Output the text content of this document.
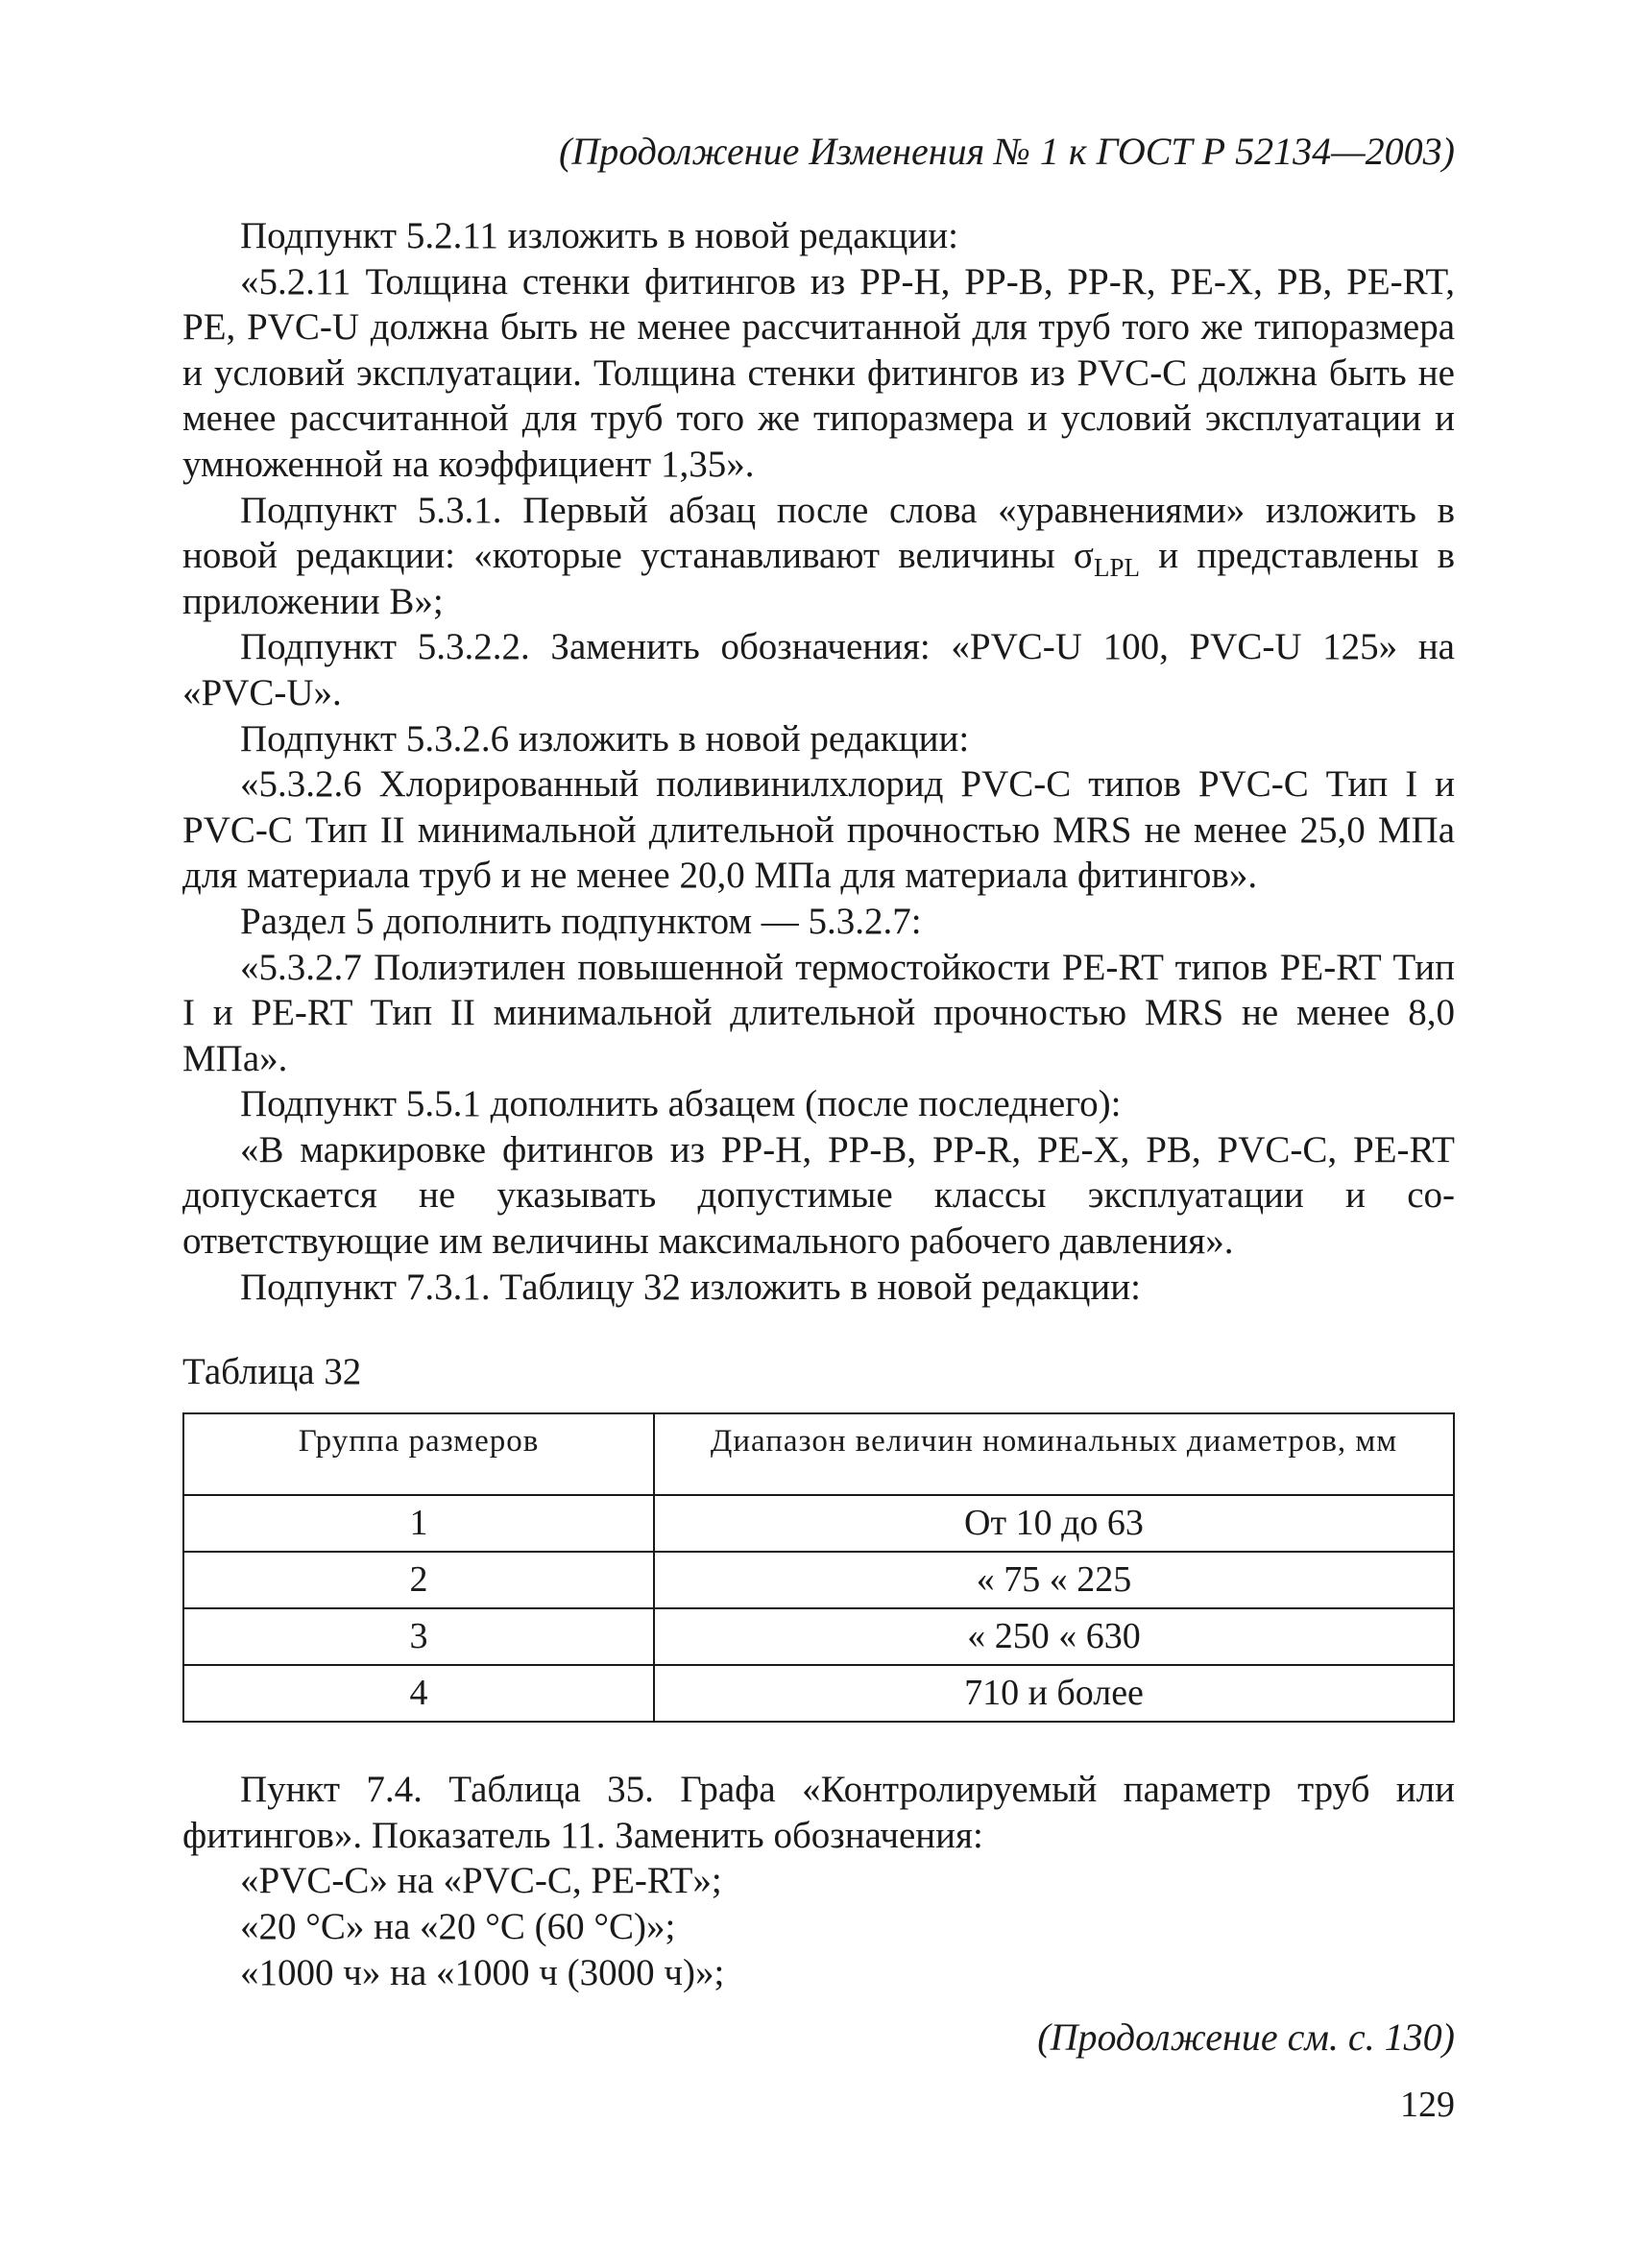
(Продолжение Изменения № 1 к ГОСТ Р 52134—2003)

Подпункт 5.2.11 изложить в новой редакции:

«5.2.11 Толщина стенки фитингов из PP-H, PP-B, PP-R, PE-X, PB, PE-RT, PE, PVC-U должна быть не менее рассчитанной для труб того же типоразмера и условий эксплуатации. Толщина стенки фитингов из PVC-C должна быть не менее рассчитанной для труб того же типоразмера и условий эксплуатации и умноженной на коэффициент 1,35».

Подпункт 5.3.1. Первый абзац после слова «уравнениями» изложить в новой редакции: «которые устанавливают величины $\sigma_{LPL}$ и представлены в приложении В»;

Подпункт 5.3.2.2. Заменить обозначения: «PVC-U 100, PVC-U 125» на «PVC-U».

Подпункт 5.3.2.6 изложить в новой редакции:

«5.3.2.6 Хлорированный поливинилхлорид PVC-C типов PVC-C Тип I и PVC-C Тип II минимальной длительной прочностью MRS не менее 25,0 МПа для материала труб и не менее 20,0 МПа для материала фитингов».

Раздел 5 дополнить подпунктом — 5.3.2.7:

«5.3.2.7 Полиэтилен повышенной термостойкости PE-RT типов PE-RT Тип I и PE-RT Тип II минимальной длительной прочностью MRS не менее 8,0 МПа».

Подпункт 5.5.1 дополнить абзацем (после последнего):

«В маркировке фитингов из PP-H, PP-B, PP-R, PE-X, PB, PVC-C, PE-RT допускается не указывать допустимые классы эксплуатации и соответствующие им величины максимального рабочего давления».

Подпункт 7.3.1. Таблицу 32 изложить в новой редакции:

Таблица 32
Группа размеров	Диапазон величин номинальных диаметров, мм
1	От 10 до 63
2	« 75 « 225
3	« 250 « 630
4	710 и более

Пункт 7.4. Таблица 35. Графа «Контролируемый параметр труб или фитингов». Показатель 11. Заменить обозначения:

«PVC-C» на «PVC-C, PE-RT»;

«20 °С» на «20 °С (60 °С)»;

«1000 ч» на «1000 ч (3000 ч)»;

(Продолжение см. с. 130)

129
